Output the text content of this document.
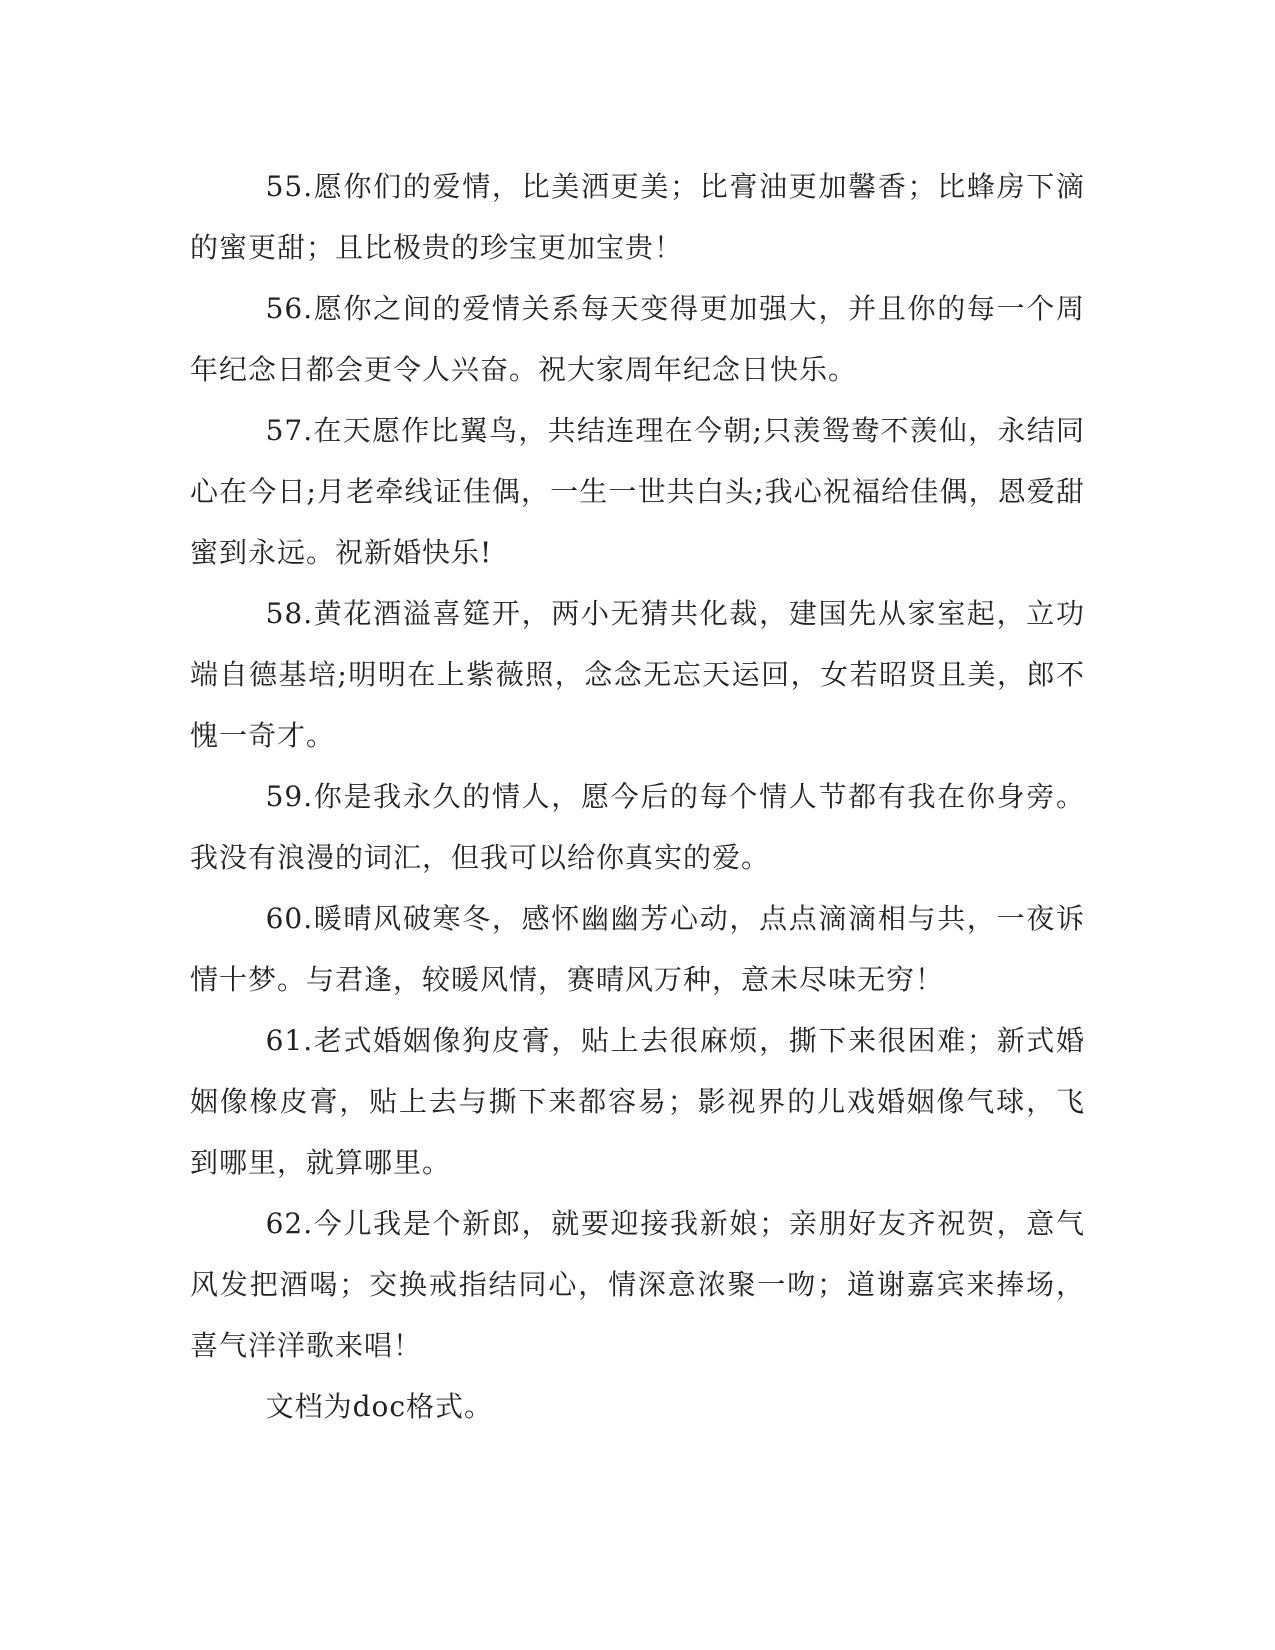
55.愿你们的爱情，比美洒更美；比膏油更加馨香；比蜂房下滴的蜜更甜；且比极贵的珍宝更加宝贵！

56.愿你之间的爱情关系每天变得更加强大，并且你的每一个周年纪念日都会更令人兴奋。祝大家周年纪念日快乐。

57.在天愿作比翼鸟，共结连理在今朝;只羡鸳鸯不羡仙，永结同心在今日;月老牵线证佳偶，一生一世共白头;我心祝福给佳偶，恩爱甜蜜到永远。祝新婚快乐!

58.黄花酒溢喜筵开，两小无猜共化裁，建国先从家室起，立功端自德基培;明明在上紫薇照，念念无忘天运回，女若昭贤且美，郎不愧一奇才。

59.你是我永久的情人，愿今后的每个情人节都有我在你身旁。我没有浪漫的词汇，但我可以给你真实的爱。

60.暖晴风破寒冬，感怀幽幽芳心动，点点滴滴相与共，一夜诉情十梦。与君逢，较暖风情，赛晴风万种，意未尽味无穷！

61.老式婚姻像狗皮膏，贴上去很麻烦，撕下来很困难；新式婚姻像橡皮膏，贴上去与撕下来都容易；影视界的儿戏婚姻像气球，飞到哪里，就算哪里。

62.今儿我是个新郎，就要迎接我新娘；亲朋好友齐祝贺，意气风发把酒喝；交换戒指结同心，情深意浓聚一吻；道谢嘉宾来捧场，喜气洋洋歌来唱！

文档为doc格式。
